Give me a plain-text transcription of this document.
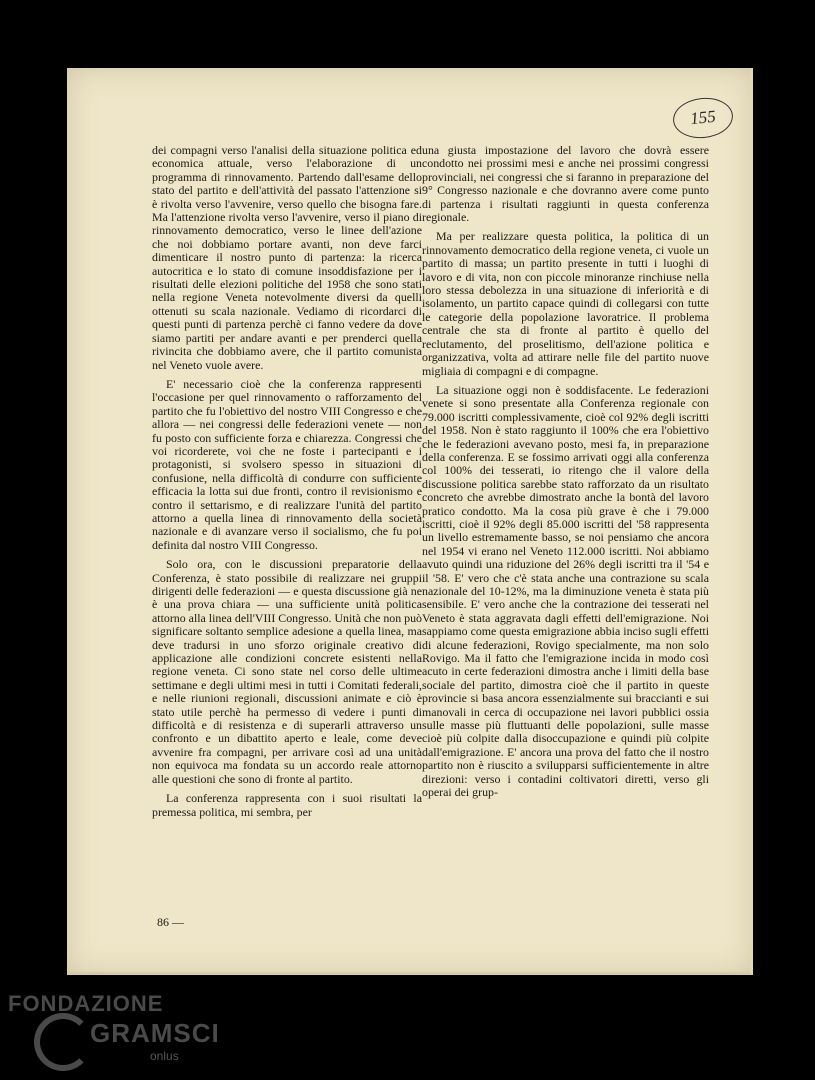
155

dei compagni verso l'analisi della situazione politica ed economica attuale, verso l'elaborazione di un programma di rinnovamento. Partendo dall'esame dello stato del partito e dell'attività del passato l'attenzione si è rivolta verso l'avvenire, verso quello che bisogna fare. Ma l'attenzione rivolta verso l'avvenire, verso il piano di rinnovamento democratico, verso le linee dell'azione che noi dobbiamo portare avanti, non deve farci dimenticare il nostro punto di partenza: la ricerca autocritica e lo stato di comune insoddisfazione per i risultati delle elezioni politiche del 1958 che sono stati nella regione Veneta notevolmente diversi da quelli ottenuti su scala nazionale. Vediamo di ricordarci di questi punti di partenza perchè ci fanno vedere da dove siamo partiti per andare avanti e per prenderci quella rivincita che dobbiamo avere, che il partito comunista nel Veneto vuole avere.

E' necessario cioè che la conferenza rappresenti l'occasione per quel rinnovamento o rafforzamento del partito che fu l'obiettivo del nostro VIII Congresso e che allora — nei congressi delle federazioni venete — non fu posto con sufficiente forza e chiarezza. Congressi che voi ricorderete, voi che ne foste i partecipanti e i protagonisti, si svolsero spesso in situazioni di confusione, nella difficoltà di condurre con sufficiente efficacia la lotta sui due fronti, contro il revisionismo e contro il settarismo, e di realizzare l'unità del partito attorno a quella linea di rinnovamento della società nazionale e di avanzare verso il socialismo, che fu poi definita dal nostro VIII Congresso.

Solo ora, con le discussioni preparatorie della Conferenza, è stato possibile di realizzare nei gruppi dirigenti delle federazioni — e questa discussione già ne è una prova chiara — una sufficiente unità politica attorno alla linea dell'VIII Congresso. Unità che non può significare soltanto semplice adesione a quella linea, ma deve tradursi in uno sforzo originale creativo di applicazione alle condizioni concrete esistenti nella regione veneta. Ci sono state nel corso delle ultime settimane e degli ultimi mesi in tutti i Comitati federali, e nelle riunioni regionali, discussioni animate e ciò è stato utile perchè ha permesso di vedere i punti di difficoltà e di resistenza e di superarli attraverso un confronto e un dibattito aperto e leale, come deve avvenire fra compagni, per arrivare così ad una unità non equivoca ma fondata su un accordo reale attorno alle questioni che sono di fronte al partito.

La conferenza rappresenta con i suoi risultati la premessa politica, mi sembra, per

una giusta impostazione del lavoro che dovrà essere condotto nei prossimi mesi e anche nei prossimi congressi provinciali, nei congressi che si faranno in preparazione del 9° Congresso nazionale e che dovranno avere come punto di partenza i risultati raggiunti in questa conferenza regionale.

Ma per realizzare questa politica, la politica di un rinnovamento democratico della regione veneta, ci vuole un partito di massa; un partito presente in tutti i luoghi di lavoro e di vita, non con piccole minoranze rinchiuse nella loro stessa debolezza in una situazione di inferiorità e di isolamento, un partito capace quindi di collegarsi con tutte le categorie della popolazione lavoratrice. Il problema centrale che sta di fronte al partito è quello del reclutamento, del proselitismo, dell'azione politica e organizzativa, volta ad attirare nelle file del partito nuove migliaia di compagni e di compagne.

La situazione oggi non è soddisfacente. Le federazioni venete si sono presentate alla Conferenza regionale con 79.000 iscritti complessivamente, cioè col 92% degli iscritti del 1958. Non è stato raggiunto il 100% che era l'obiettivo che le federazioni avevano posto, mesi fa, in preparazione della conferenza. E se fossimo arrivati oggi alla conferenza col 100% dei tesserati, io ritengo che il valore della discussione politica sarebbe stato rafforzato da un risultato concreto che avrebbe dimostrato anche la bontà del lavoro pratico condotto. Ma la cosa più grave è che i 79.000 iscritti, cioè il 92% degli 85.000 iscritti del '58 rappresenta un livello estremamente basso, se noi pensiamo che ancora nel 1954 vi erano nel Veneto 112.000 iscritti. Noi abbiamo avuto quindi una riduzione del 26% degli iscritti tra il '54 e il '58. E' vero che c'è stata anche una contrazione su scala nazionale del 10-12%, ma la diminuzione veneta è stata più sensibile. E' vero anche che la contrazione dei tesserati nel Veneto è stata aggravata dagli effetti dell'emigrazione. Noi sappiamo come questa emigrazione abbia inciso sugli effetti di alcune federazioni, Rovigo specialmente, ma non solo Rovigo. Ma il fatto che l'emigrazione incida in modo così acuto in certe federazioni dimostra anche i limiti della base sociale del partito, dimostra cioè che il partito in queste provincie si basa ancora essenzialmente sui braccianti e sui manovali in cerca di occupazione nei lavori pubblici ossia sulle masse più fluttuanti delle popolazioni, sulle masse cioè più colpite dalla disoccupazione e quindi più colpite dall'emigrazione. E' ancora una prova del fatto che il nostro partito non è riuscito a svilupparsi sufficientemente in altre direzioni: verso i contadini coltivatori diretti, verso gli operai dei grup-

86 —
FONDAZIONE
GRAMSCI
onlus
